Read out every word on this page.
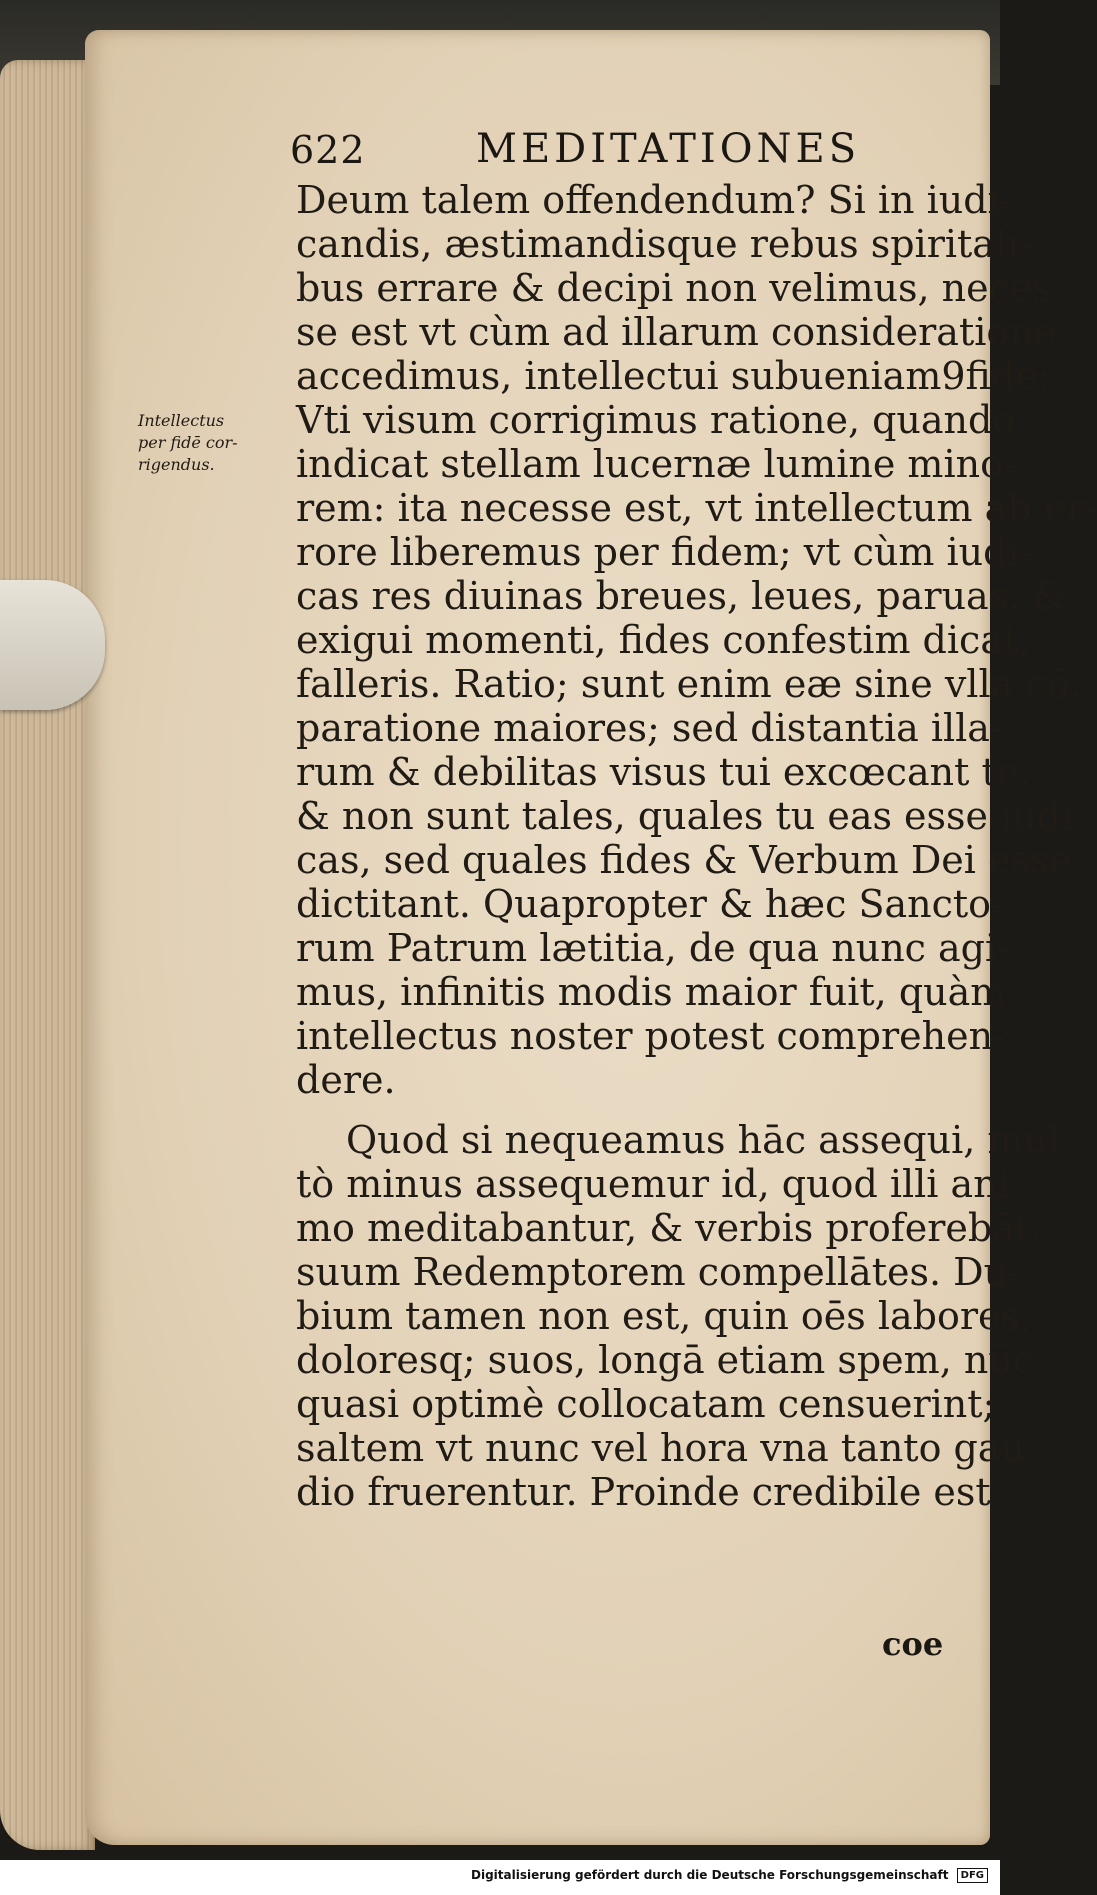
622	MEDITATIONES
Intellectus
per fidē cor-
rigendus.
Deum talem offendendum? Si in iudi-
candis, æstimandisque rebus spiritali-
bus errare & decipi non velimus, neces
se est vt cùm ad illarum consideratione
accedimus, intellectui subueniam9fide:
Vti visum corrigimus ratione, quando
indicat stellam lucernæ lumine mino-
rem: ita necesse est, vt intellectum ab er-
rore liberemus per fidem; vt cùm iudi-
cas res diuinas breues, leues, paruas, &
exigui momenti, fides confestim dicat,
falleris. Ratio; sunt enim eæ sine vlla cō.
paratione maiores; sed distantia illa-
rum & debilitas visus tui excœcant te,
& non sunt tales, quales tu eas esse iudi-
cas, sed quales fides & Verbum Dei esse
dictitant. Quapropter & hæc Sancto-
rum Patrum lætitia, de qua nunc agi-
mus, infinitis modis maior fuit, quàm
intellectus noster potest comprehen-
dere.
Quod si nequeamus hāc assequi, mul
tò minus assequemur id, quod illi ani-
mo meditabantur, & verbis proferebāt,
suum Redemptorem compellātes. Du-
bium tamen non est, quin oēs labores,
doloresq; suos, longā etiam spem, nūc
quasi optimè collocatam censuerint;
saltem vt nunc vel hora vna tanto gau-
dio fruerentur. Proinde credibile est
coe
Digitalisierung gefördert durch die Deutsche Forschungsgemeinschaft DFG
